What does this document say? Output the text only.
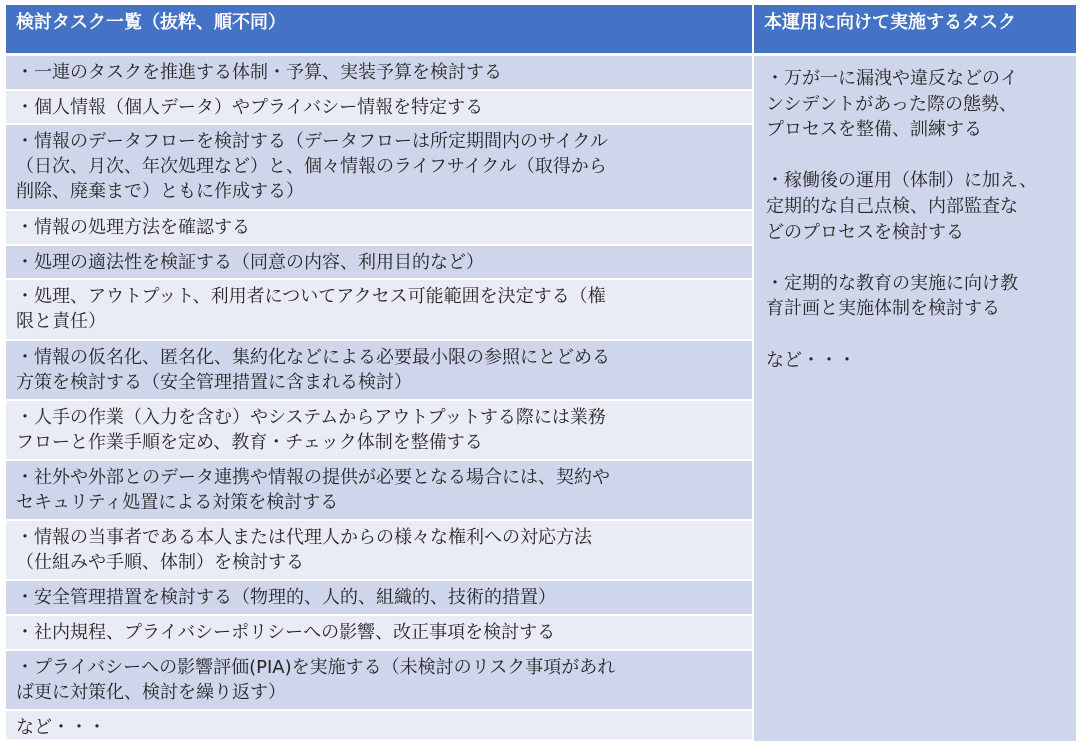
検討タスク一覧（抜粋、順不同）	本運用に向けて実施するタスク
・一連のタスクを推進する体制・予算、実装予算を検討する
・個人情報（個人データ）やプライバシー情報を特定する
・情報のデータフローを検討する（データフローは所定期間内のサイクル
（日次、月次、年次処理など）と、個々情報のライフサイクル（取得から
削除、廃棄まで）ともに作成する）
・情報の処理方法を確認する
・処理の適法性を検証する（同意の内容、利用目的など）
・処理、アウトプット、利用者についてアクセス可能範囲を決定する（権
限と責任）
・情報の仮名化、匿名化、集約化などによる必要最小限の参照にとどめる
方策を検討する（安全管理措置に含まれる検討）
・人手の作業（入力を含む）やシステムからアウトプットする際には業務
フローと作業手順を定め、教育・チェック体制を整備する
・社外や外部とのデータ連携や情報の提供が必要となる場合には、契約や
セキュリティ処置による対策を検討する
・情報の当事者である本人または代理人からの様々な権利への対応方法
（仕組みや手順、体制）を検討する
・安全管理措置を検討する（物理的、人的、組織的、技術的措置）
・社内規程、プライバシーポリシーへの影響、改正事項を検討する
・プライバシーへの影響評価(PIA)を実施する（未検討のリスク事項があれ
ば更に対策化、検討を繰り返す）
など・・・
・万が一に漏洩や違反などのイ
ンシデントがあった際の態勢、
プロセスを整備、訓練する
・稼働後の運用（体制）に加え、
定期的な自己点検、内部監査な
どのプロセスを検討する
・定期的な教育の実施に向け教
育計画と実施体制を検討する
など・・・
